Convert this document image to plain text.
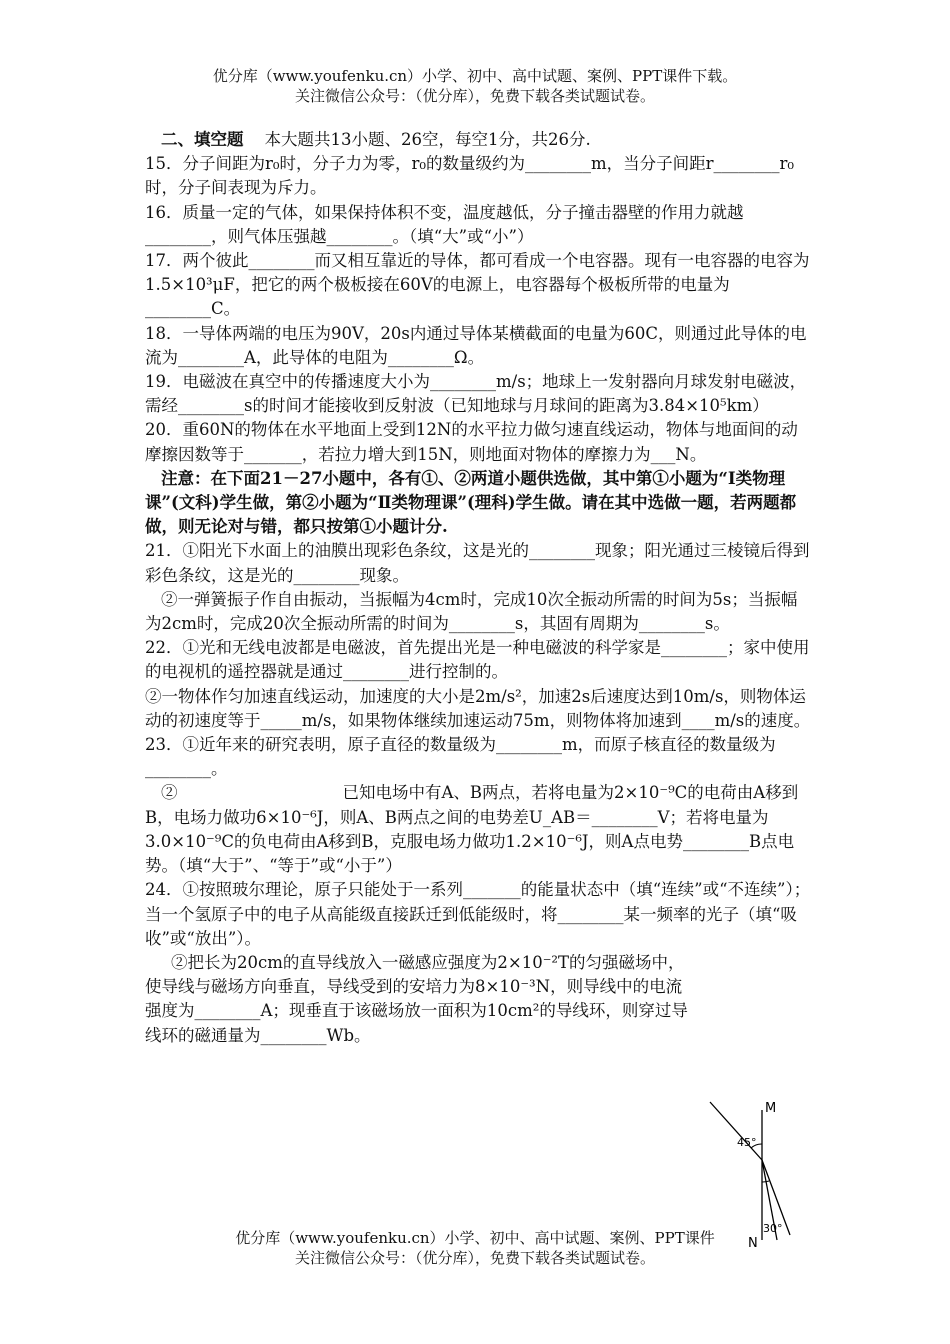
优分库（www.youfenku.cn）小学、初中、高中试题、案例、PPT课件下载。
关注微信公众号：（优分库），免费下载各类试题试卷。

二、填空题 本大题共13小题、26空，每空1分，共26分.

15．分子间距为r₀时，分子力为零，r₀的数量级约为________m，当分子间距r________r₀时，分子间表现为斥力。

16．质量一定的气体，如果保持体积不变，温度越低，分子撞击器壁的作用力就越________，则气体压强越________。（填“大”或“小”）

17．两个彼此________而又相互靠近的导体，都可看成一个电容器。现有一电容器的电容为1.5×10³μF，把它的两个极板接在60V的电源上，电容器每个极板所带的电量为________C。

18．一导体两端的电压为90V，20s内通过导体某横截面的电量为60C，则通过此导体的电流为________A，此导体的电阻为________Ω。

19．电磁波在真空中的传播速度大小为________m/s；地球上一发射器向月球发射电磁波，需经________s的时间才能接收到反射波（已知地球与月球间的距离为3.84×10⁵km）

20．重60N的物体在水平地面上受到12N的水平拉力做匀速直线运动，物体与地面间的动摩擦因数等于_______，若拉力增大到15N，则地面对物体的摩擦力为___N。

注意：在下面21－27小题中，各有①、②两道小题供选做，其中第①小题为“Ⅰ类物理课”(文科)学生做，第②小题为“Ⅱ类物理课”(理科)学生做。请在其中选做一题，若两题都做，则无论对与错，都只按第①小题计分.

21．①阳光下水面上的油膜出现彩色条纹，这是光的________现象；阳光通过三棱镜后得到彩色条纹，这是光的________现象。

②一弹簧振子作自由振动，当振幅为4cm时，完成10次全振动所需的时间为5s；当振幅为2cm时，完成20次全振动所需的时间为________s，其固有周期为________s。

22．①光和无线电波都是电磁波，首先提出光是一种电磁波的科学家是________；家中使用的电视机的遥控器就是通过________进行控制的。

②一物体作匀加速直线运动，加速度的大小是2m/s²，加速2s后速度达到10m/s，则物体运动的初速度等于_____m/s，如果物体继续加速运动75m，则物体将加速到____m/s的速度。

23．①近年来的研究表明，原子直径的数量级为________m，而原子核直径的数量级为________。

②　　　　　　　　　　已知电场中有A、B两点，若将电量为2×10⁻⁹C的电荷由A移到B，电场力做功6×10⁻⁶J，则A、B两点之间的电势差U_AB＝________V；若将电量为3.0×10⁻⁹C的负电荷由A移到B，克服电场力做功1.2×10⁻⁶J，则A点电势________B点电势。（填“大于”、“等于”或“小于”）

24．①按照玻尔理论，原子只能处于一系列_______的能量状态中（填“连续”或“不连续”）；当一个氢原子中的电子从高能级直接跃迁到低能级时，将________某一频率的光子（填“吸收”或“放出”）。

②把长为20cm的直导线放入一磁感应强度为2×10⁻²T的匀强磁场中，使导线与磁场方向垂直，导线受到的安培力为8×10⁻³N，则导线中的电流强度为________A；现垂直于该磁场放一面积为10cm²的导线环，则穿过导线环的磁通量为________Wb。

M
45°
30°
N
优分库（www.youfenku.cn）小学、初中、高中试题、案例、PPT课件
关注微信公众号：（优分库），免费下载各类试题试卷。
